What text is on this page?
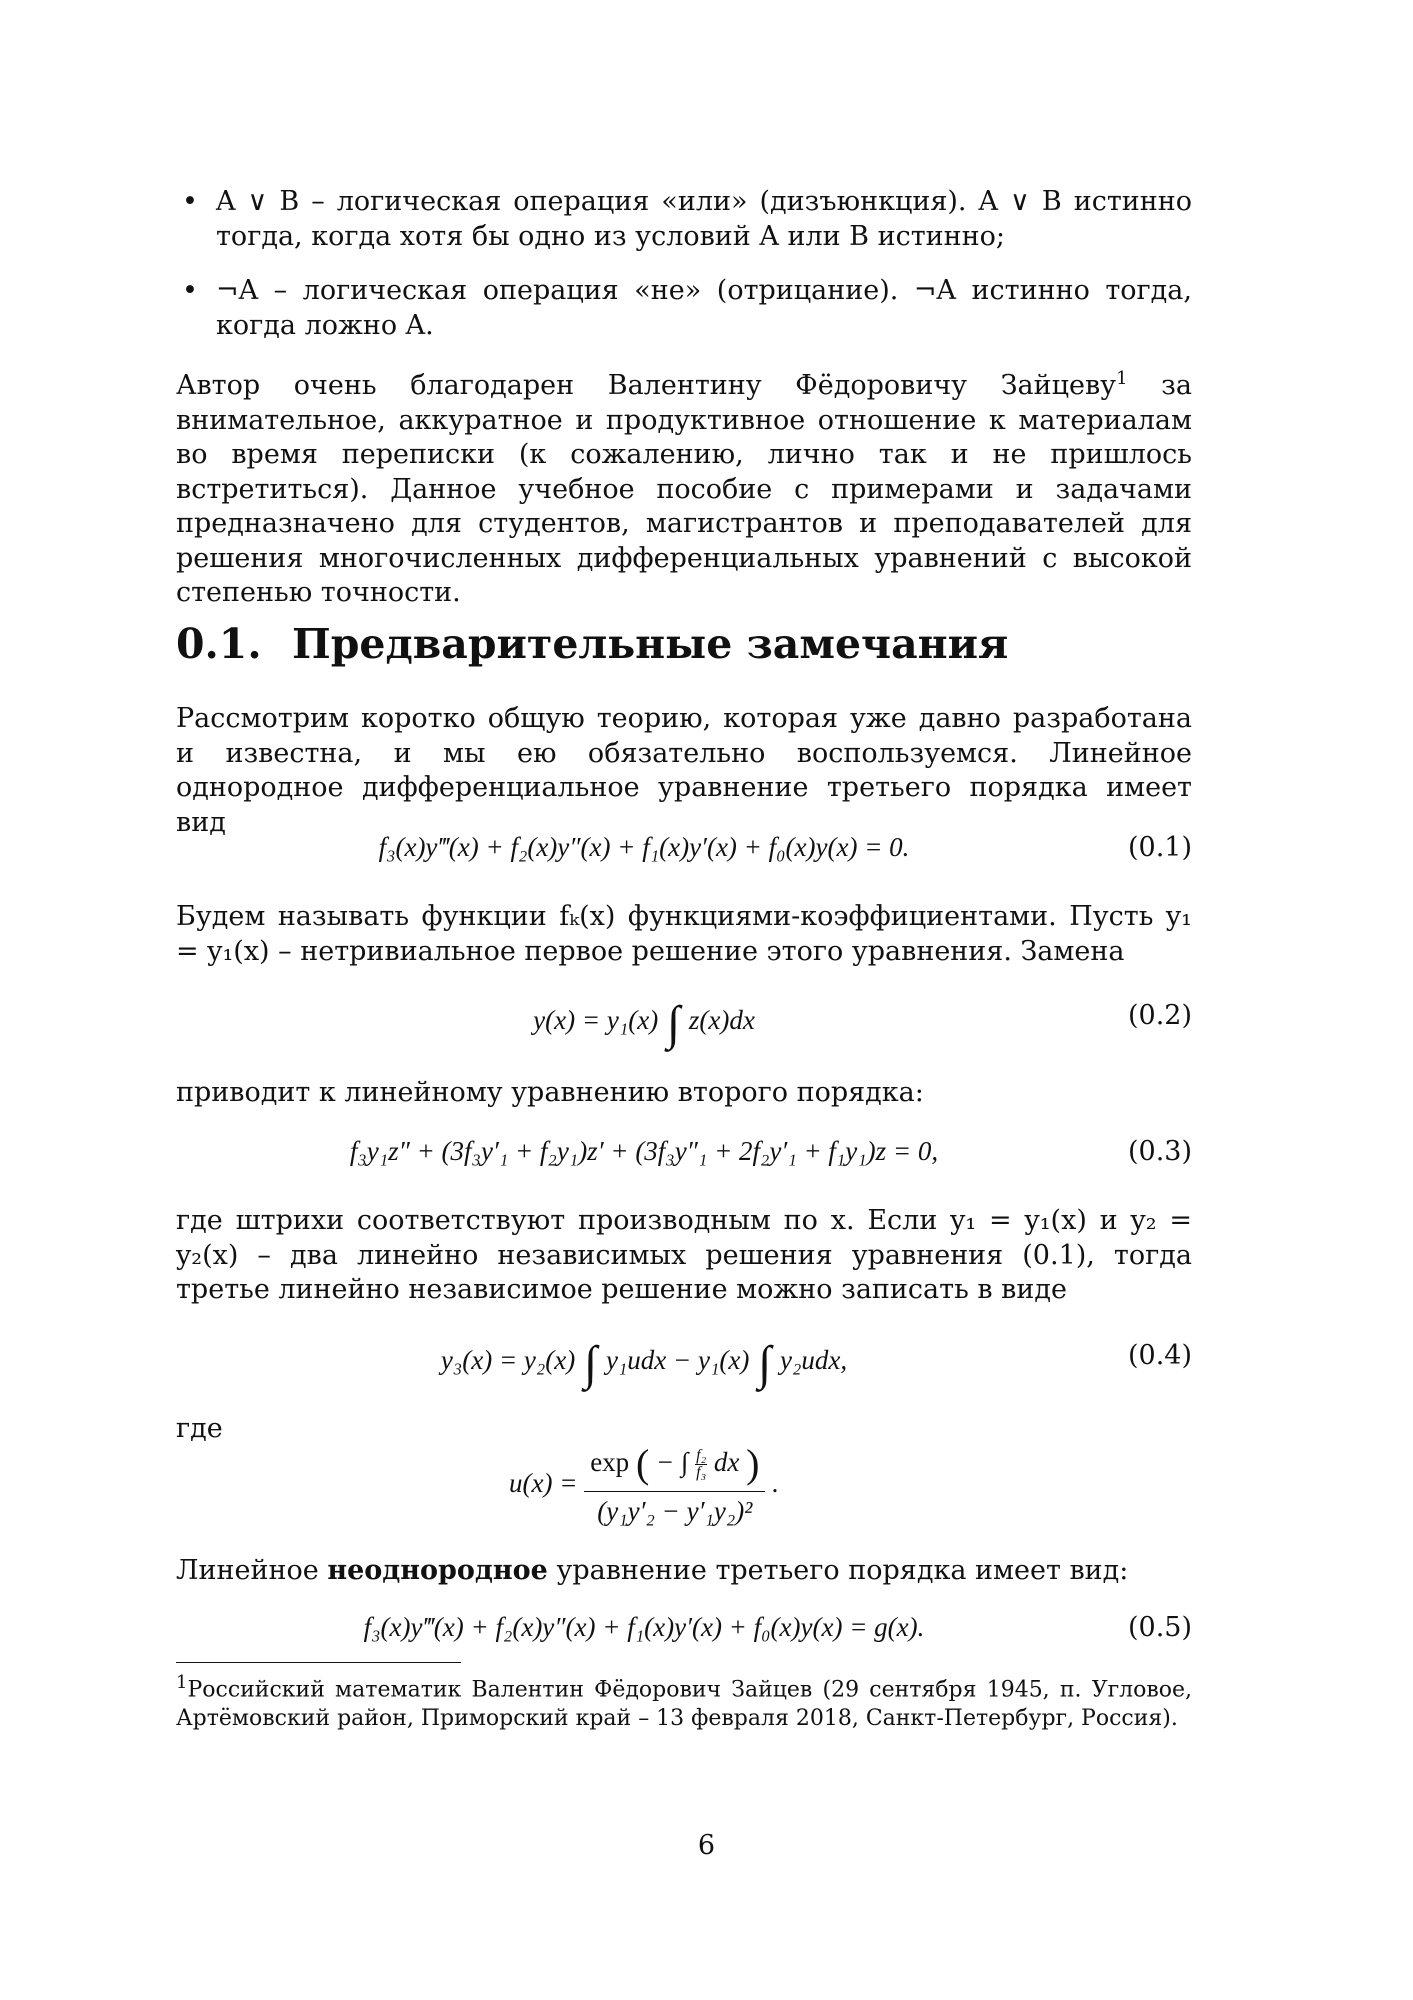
• A ∨ B – логическая операция «или» (дизъюнкция). A ∨ B истинно тогда, когда хотя бы одно из условий A или B истинно;

• ¬A – логическая операция «не» (отрицание). ¬A истинно тогда, когда ложно A.

Автор очень благодарен Валентину Фёдоровичу Зайцеву$^1$ за внимательное, аккуратное и продуктивное отношение к материалам во время переписки (к сожалению, лично так и не пришлось встретиться). Данное учебное пособие с примерами и задачами предназначено для студентов, магистрантов и преподавателей для решения многочисленных дифференциальных уравнений с высокой степенью точности.

0.1. Предварительные замечания

Рассмотрим коротко общую теорию, которая уже давно разработана и известна, и мы ею обязательно воспользуемся. Линейное однородное дифференциальное уравнение третьего порядка имеет вид

f₃(x)y‴(x) + f₂(x)y″(x) + f₁(x)y′(x) + f₀(x)y(x) = 0.	(0.1)

Будем называть функции fₖ(x) функциями-коэффициентами. Пусть y₁ = y₁(x) – нетривиальное первое решение этого уравнения. Замена

y(x) = y₁(x) ∫ z(x)dx	(0.2)

приводит к линейному уравнению второго порядка:

f₃y₁z″ + (3f₃y′₁ + f₂y₁)z′ + (3f₃y″₁ + 2f₂y′₁ + f₁y₁)z = 0,	(0.3)

где штрихи соответствуют производным по x. Если y₁ = y₁(x) и y₂ = y₂(x) – два линейно независимых решения уравнения (0.1), тогда третье линейно независимое решение можно записать в виде

y₃(x) = y₂(x) ∫ y₁udx − y₁(x) ∫ y₂udx,	(0.4)

где

u(x) =
exp ( − ∫ $\frac{\text{f₂}}{\text{f₃}}$ dx )
(y₁y′₂ − y′₁y₂)²
.

Линейное неоднородное уравнение третьего порядка имеет вид:

f₃(x)y‴(x) + f₂(x)y″(x) + f₁(x)y′(x) + f₀(x)y(x) = g(x).	(0.5)

$^1$Российский математик Валентин Фёдорович Зайцев (29 сентября 1945, п. Угловое, Артёмовский район, Приморский край – 13 февраля 2018, Санкт-Петербург, Россия).

6
